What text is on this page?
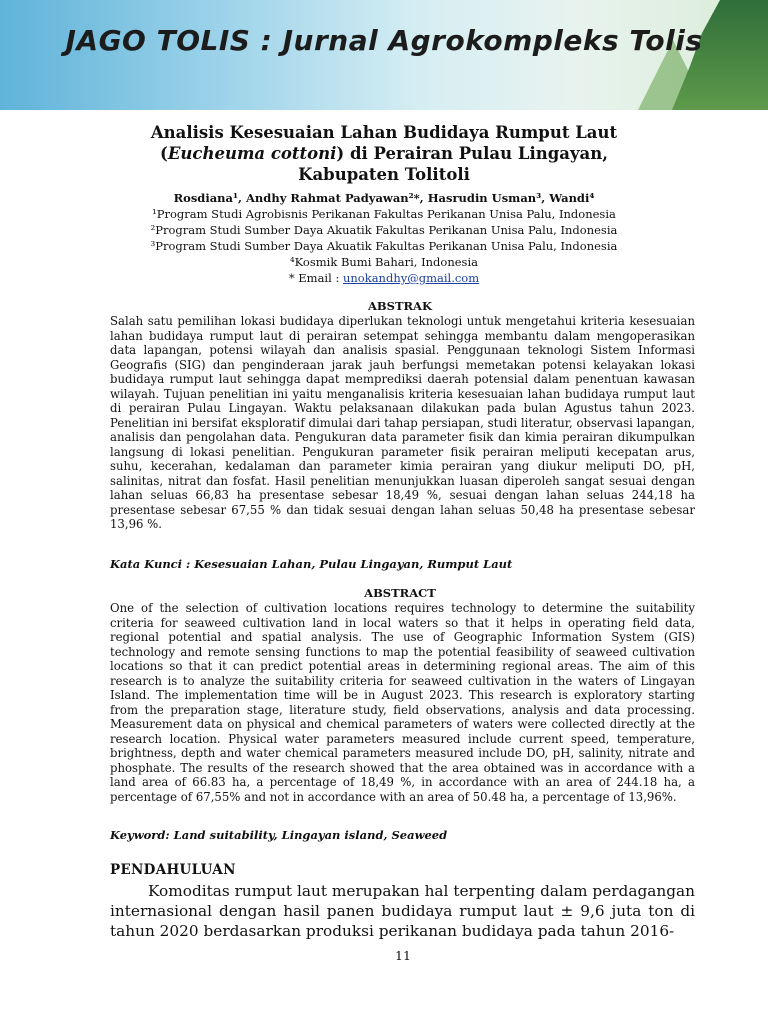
JAGO TOLIS : Jurnal Agrokompleks Tolis
Analisis Kesesuaian Lahan Budidaya Rumput Laut
(Eucheuma cottoni) di Perairan Pulau Lingayan,
Kabupaten Tolitoli
Rosdiana¹, Andhy Rahmat Padyawan²*, Hasrudin Usman³, Wandi⁴
¹Program Studi Agrobisnis Perikanan Fakultas Perikanan Unisa Palu, Indonesia
²Program Studi Sumber Daya Akuatik Fakultas Perikanan Unisa Palu, Indonesia
³Program Studi Sumber Daya Akuatik Fakultas Perikanan Unisa Palu, Indonesia
⁴Kosmik Bumi Bahari, Indonesia
* Email : unokandhy@gmail.com
ABSTRAK

Salah satu pemilihan lokasi budidaya diperlukan teknologi untuk mengetahui kriteria kesesuaian lahan budidaya rumput laut di perairan setempat sehingga membantu dalam mengoperasikan data lapangan, potensi wilayah dan analisis spasial. Penggunaan teknologi Sistem Informasi Geografis (SIG) dan penginderaan jarak jauh berfungsi memetakan potensi kelayakan lokasi budidaya rumput laut sehingga dapat memprediksi daerah potensial dalam penentuan kawasan wilayah. Tujuan penelitian ini yaitu menganalisis kriteria kesesuaian lahan budidaya rumput laut di perairan Pulau Lingayan. Waktu pelaksanaan dilakukan pada bulan Agustus tahun 2023. Penelitian ini bersifat eksploratif dimulai dari tahap persiapan, studi literatur, observasi lapangan, analisis dan pengolahan data. Pengukuran data parameter fisik dan kimia perairan dikumpulkan langsung di lokasi penelitian. Pengukuran parameter fisik perairan meliputi kecepatan arus, suhu, kecerahan, kedalaman dan parameter kimia perairan yang diukur meliputi DO, pH, salinitas, nitrat dan fosfat. Hasil penelitian menunjukkan luasan diperoleh sangat sesuai dengan lahan seluas 66,83 ha presentase sebesar 18,49 %, sesuai dengan lahan seluas 244,18 ha presentase sebesar 67,55 % dan tidak sesuai dengan lahan seluas 50,48 ha presentase sebesar 13,96 %.

Kata Kunci : Kesesuaian Lahan, Pulau Lingayan, Rumput Laut
ABSTRACT

One of the selection of cultivation locations requires technology to determine the suitability criteria for seaweed cultivation land in local waters so that it helps in operating field data, regional potential and spatial analysis. The use of Geographic Information System (GIS) technology and remote sensing functions to map the potential feasibility of seaweed cultivation locations so that it can predict potential areas in determining regional areas. The aim of this research is to analyze the suitability criteria for seaweed cultivation in the waters of Lingayan Island. The implementation time will be in August 2023. This research is exploratory starting from the preparation stage, literature study, field observations, analysis and data processing. Measurement data on physical and chemical parameters of waters were collected directly at the research location. Physical water parameters measured include current speed, temperature, brightness, depth and water chemical parameters measured include DO, pH, salinity, nitrate and phosphate. The results of the research showed that the area obtained was in accordance with a land area of 66.83 ha, a percentage of 18,49 %, in accordance with an area of 244.18 ha, a percentage of 67,55% and not in accordance with an area of 50.48 ha, a percentage of 13,96%.

Keyword: Land suitability, Lingayan island, Seaweed
PENDAHULUAN

Komoditas rumput laut merupakan hal terpenting dalam perdagangan internasional dengan hasil panen budidaya rumput laut ± 9,6 juta ton di tahun 2020 berdasarkan produksi perikanan budidaya pada tahun 2016-

11
